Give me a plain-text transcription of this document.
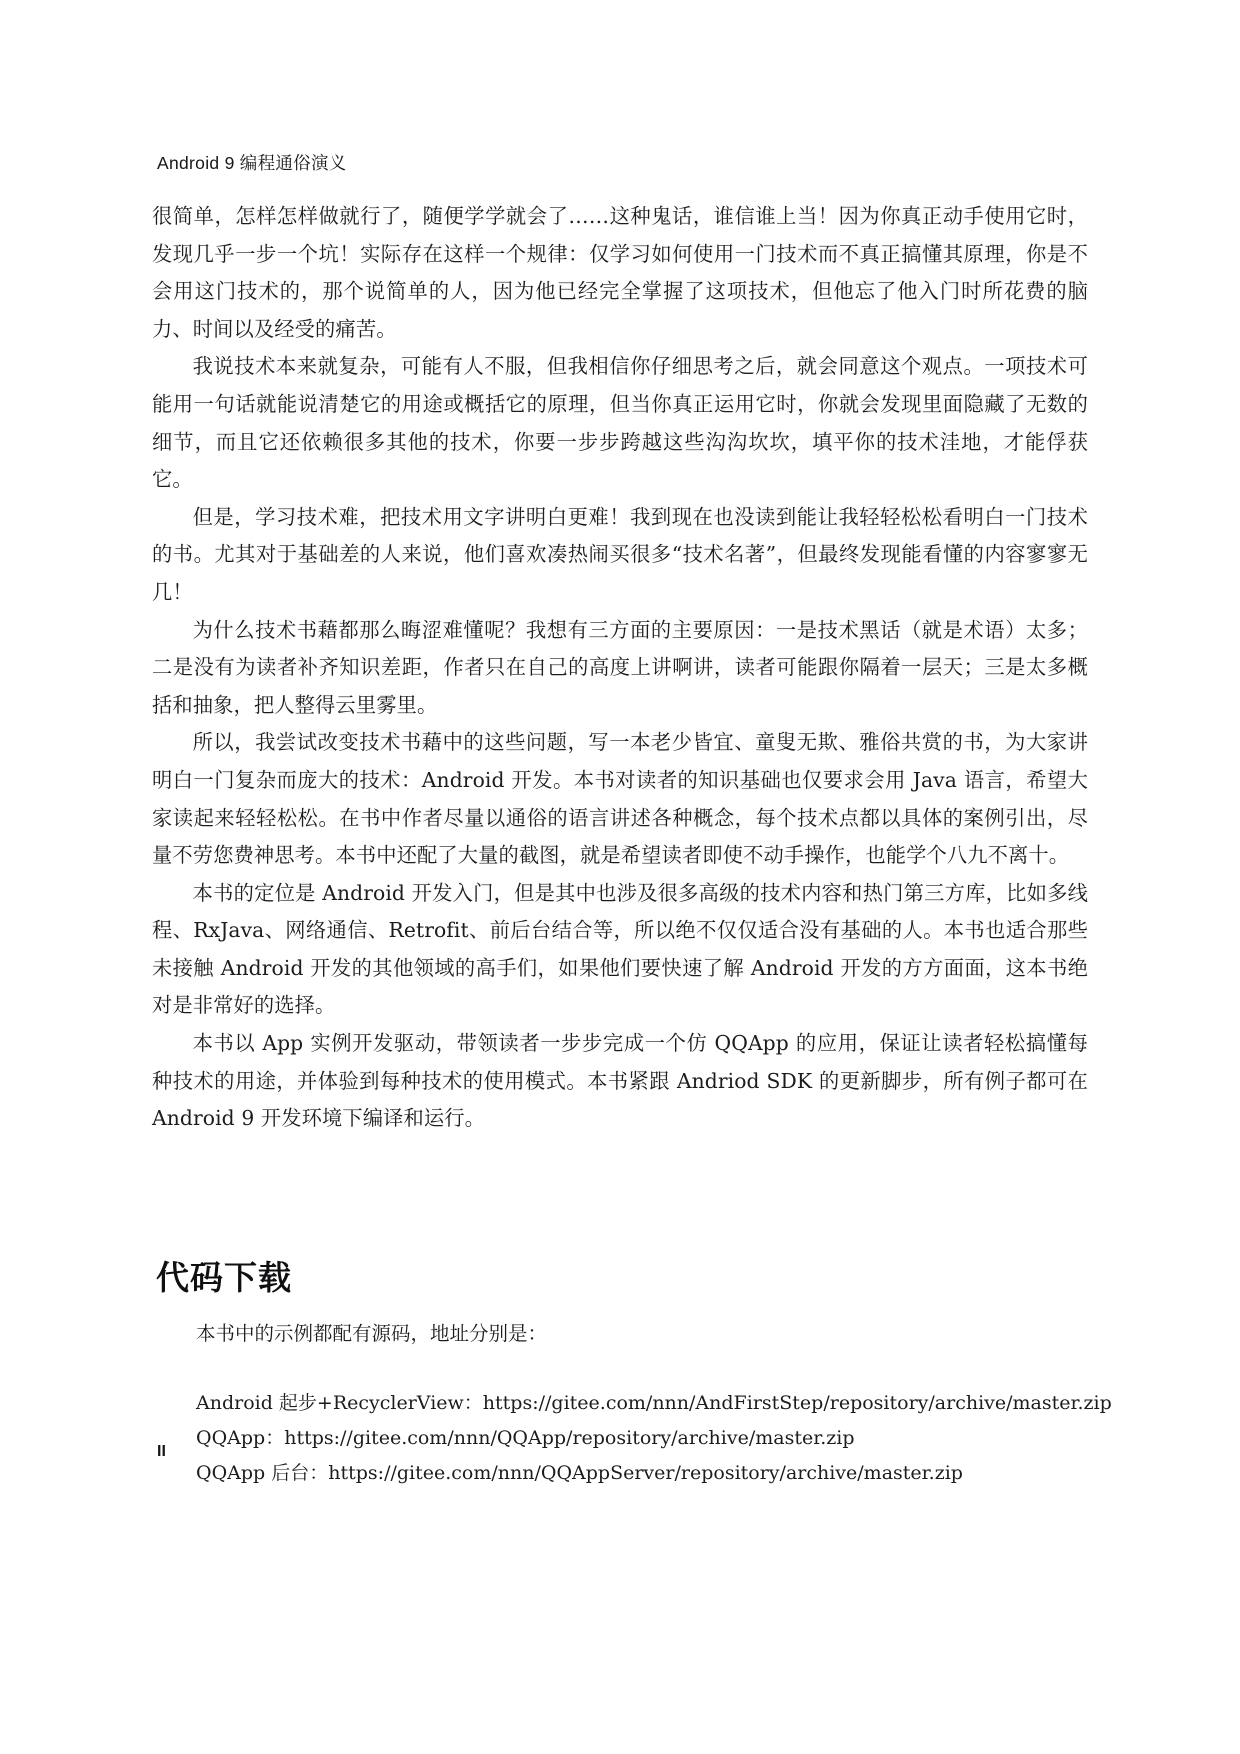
Android 9 编程通俗演义

很简单，怎样怎样做就行了，随便学学就会了……这种鬼话，谁信谁上当！因为你真正动手使用它时，发现几乎一步一个坑！实际存在这样一个规律：仅学习如何使用一门技术而不真正搞懂其原理，你是不会用这门技术的，那个说简单的人，因为他已经完全掌握了这项技术，但他忘了他入门时所花费的脑力、时间以及经受的痛苦。

我说技术本来就复杂，可能有人不服，但我相信你仔细思考之后，就会同意这个观点。一项技术可能用一句话就能说清楚它的用途或概括它的原理，但当你真正运用它时，你就会发现里面隐藏了无数的细节，而且它还依赖很多其他的技术，你要一步步跨越这些沟沟坎坎，填平你的技术洼地，才能俘获它。

但是，学习技术难，把技术用文字讲明白更难！我到现在也没读到能让我轻轻松松看明白一门技术的书。尤其对于基础差的人来说，他们喜欢凑热闹买很多“技术名著”，但最终发现能看懂的内容寥寥无几！

为什么技术书藉都那么晦涩难懂呢？我想有三方面的主要原因：一是技术黑话（就是术语）太多；二是没有为读者补齐知识差距，作者只在自己的高度上讲啊讲，读者可能跟你隔着一层天；三是太多概括和抽象，把人整得云里雾里。

所以，我尝试改变技术书藉中的这些问题，写一本老少皆宜、童叟无欺、雅俗共赏的书，为大家讲明白一门复杂而庞大的技术：Android 开发。本书对读者的知识基础也仅要求会用 Java 语言，希望大家读起来轻轻松松。在书中作者尽量以通俗的语言讲述各种概念，每个技术点都以具体的案例引出，尽量不劳您费神思考。本书中还配了大量的截图，就是希望读者即使不动手操作，也能学个八九不离十。

本书的定位是 Android 开发入门，但是其中也涉及很多高级的技术内容和热门第三方库，比如多线程、RxJava、网络通信、Retrofit、前后台结合等，所以绝不仅仅适合没有基础的人。本书也适合那些未接触 Android 开发的其他领域的高手们，如果他们要快速了解 Android 开发的方方面面，这本书绝对是非常好的选择。

本书以 App 实例开发驱动，带领读者一步步完成一个仿 QQApp 的应用，保证让读者轻松搞懂每种技术的用途，并体验到每种技术的使用模式。本书紧跟 Andriod SDK 的更新脚步，所有例子都可在 Android 9 开发环境下编译和运行。

代码下载

本书中的示例都配有源码，地址分别是：

Android 起步+RecyclerView：https://gitee.com/nnn/AndFirstStep/repository/archive/master.zip
QQApp：https://gitee.com/nnn/QQApp/repository/archive/master.zip
QQApp 后台：https://gitee.com/nnn/QQAppServer/repository/archive/master.zip
II
